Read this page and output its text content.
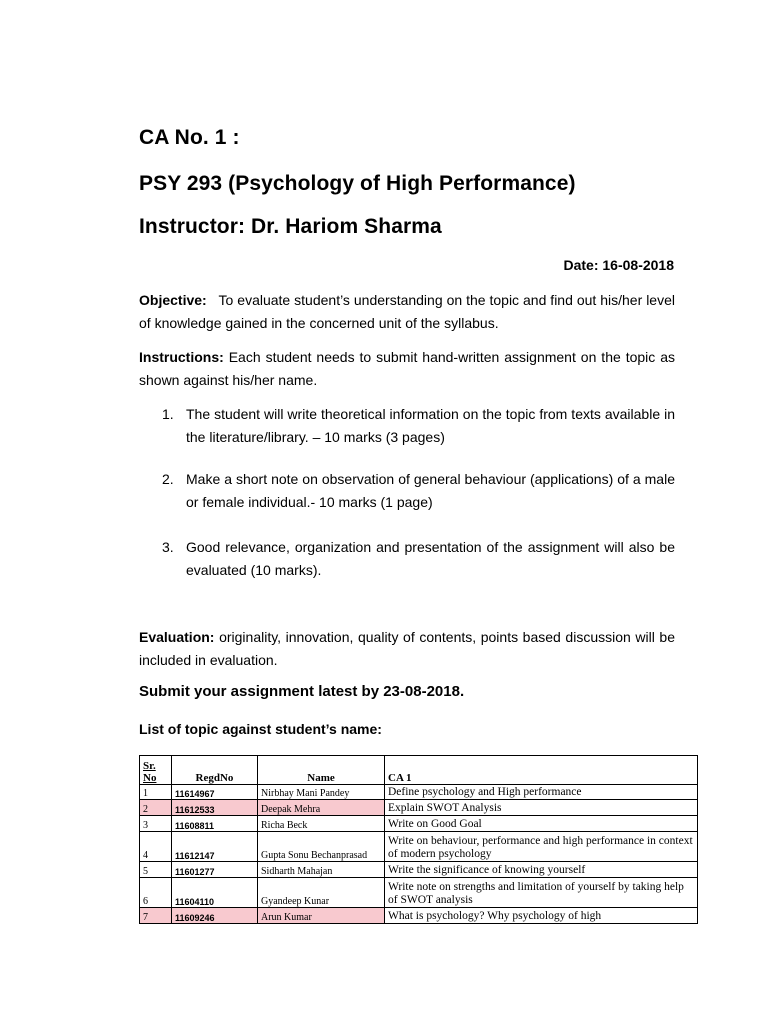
CA No. 1 :
PSY 293 (Psychology of High Performance)
Instructor: Dr. Hariom Sharma
Date: 16-08-2018
Objective: To evaluate student’s understanding on the topic and find out his/her level of knowledge gained in the concerned unit of the syllabus.
Instructions: Each student needs to submit hand-written assignment on the topic as shown against his/her name.
1. The student will write theoretical information on the topic from texts available in the literature/library. – 10 marks (3 pages)
2. Make a short note on observation of general behaviour (applications) of a male or female individual.- 10 marks (1 page)
3. Good relevance, organization and presentation of the assignment will also be evaluated (10 marks).
Evaluation: originality, innovation, quality of contents, points based discussion will be included in evaluation.
Submit your assignment latest by 23-08-2018.
List of topic against student’s name:
Sr. No	RegdNo	Name	CA 1
1	11614967	Nirbhay Mani Pandey	Define psychology and High performance
2	11612533	Deepak Mehra	Explain SWOT Analysis
3	11608811	Richa Beck	Write on Good Goal
4	11612147	Gupta Sonu Bechanprasad	Write on behaviour, performance and high performance in context of modern psychology
5	11601277	Sidharth Mahajan	Write the significance of knowing yourself
6	11604110	Gyandeep Kunar	Write note on strengths and limitation of yourself by taking help of SWOT analysis
7	11609246	Arun Kumar	What is psychology? Why psychology of high
